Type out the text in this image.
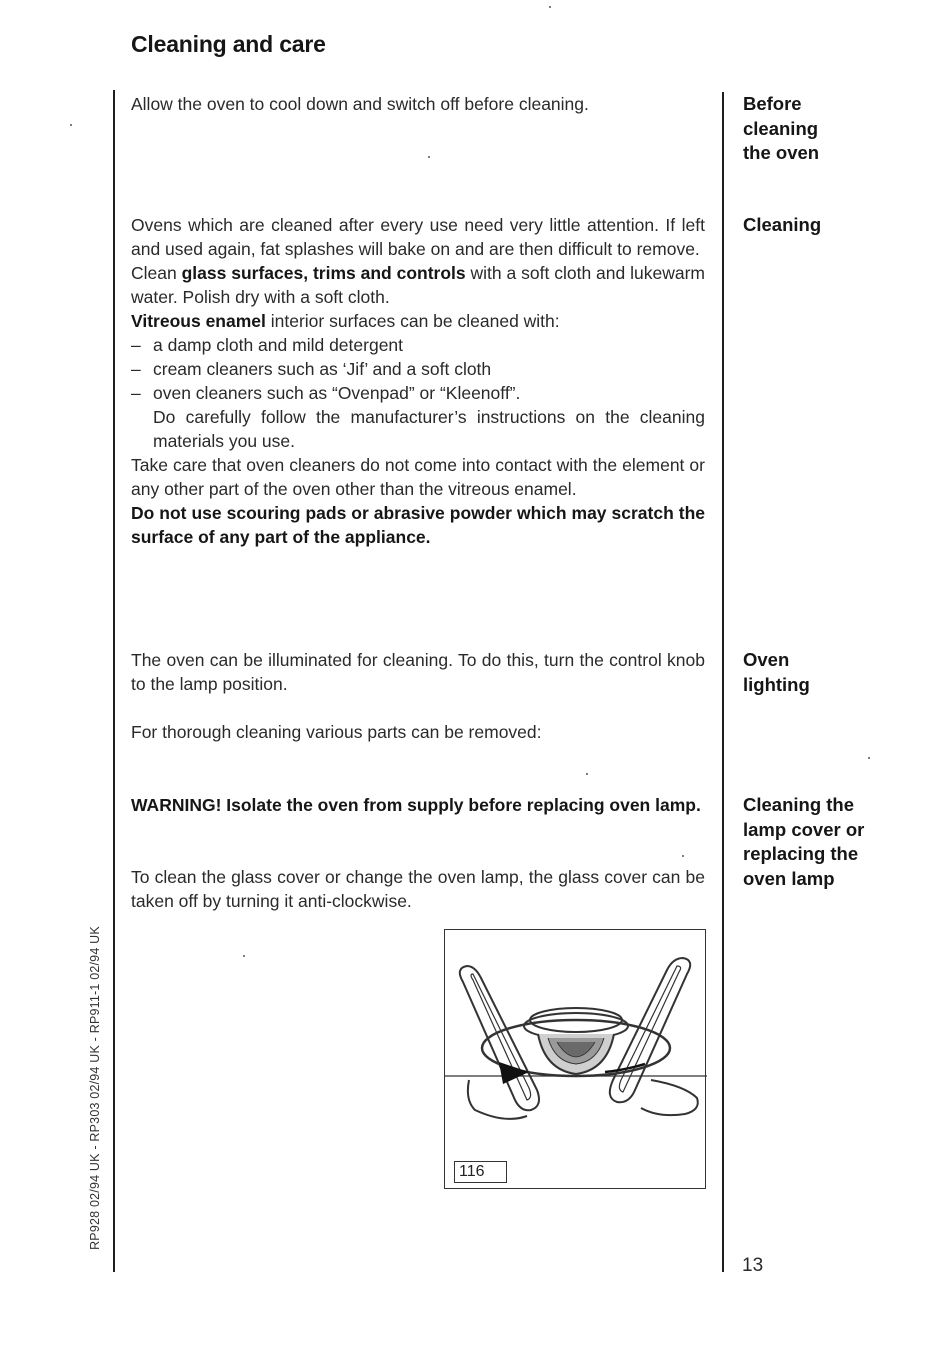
Cleaning and care
Allow the oven to cool down and switch off before cleaning.	Before
cleaning
the oven
Cleaning

Ovens which are cleaned after every use need very little attention. If left and used again, fat splashes will bake on and are then difficult to remove.

Clean glass surfaces, trims and controls with a soft cloth and lukewarm water. Polish dry with a soft cloth.

Vitreous enamel interior surfaces can be cleaned with:

– a damp cloth and mild detergent
– cream cleaners such as ‘Jif’ and a soft cloth
– oven cleaners such as “Ovenpad” or “Kleenoff”.

Do carefully follow the manufacturer’s instructions on the cleaning materials you use.

Take care that oven cleaners do not come into contact with the element or any other part of the oven other than the vitreous enamel.

Do not use scouring pads or abrasive powder which may scratch the surface of any part of the appliance.

Oven
lighting
The oven can be illuminated for cleaning. To do this, turn the control knob to the lamp position.
For thorough cleaning various parts can be removed:
Cleaning the
lamp cover or
replacing the
oven lamp
WARNING! Isolate the oven from supply before replacing oven lamp.
To clean the glass cover or change the oven lamp, the glass cover can be taken off by turning it anti-clockwise.
116
RP928 02/94 UK - RP303 02/94 UK - RP911-1 02/94 UK
13
